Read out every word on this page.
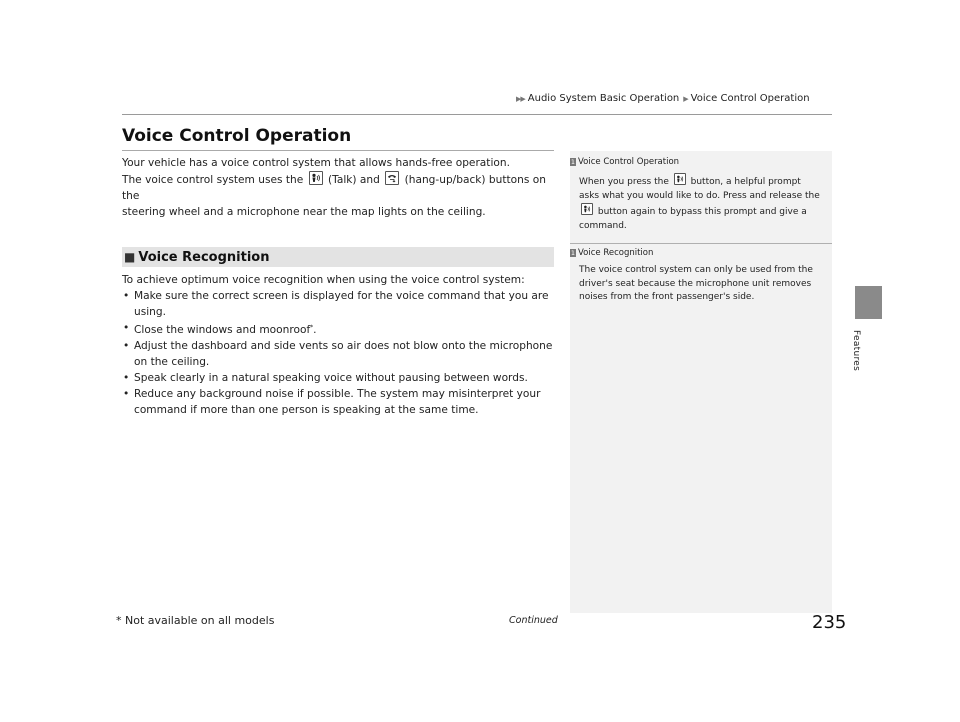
▶▶ Audio System Basic Operation ▶ Voice Control Operation
Features
Voice Control Operation

Your vehicle has a voice control system that allows hands-free operation.
The voice control system uses the (Talk) and (hang-up/back) buttons on the
steering wheel and a microphone near the map lights on the ceiling.

■ Voice Recognition

To achieve optimum voice recognition when using the voice control system:

• Make sure the correct screen is displayed for the voice command that you are using.
• Close the windows and moonroof*.
• Adjust the dashboard and side vents so air does not blow onto the microphone on the ceiling.
• Speak clearly in a natural speaking voice without pausing between words.
• Reduce any background noise if possible. The system may misinterpret your command if more than one person is speaking at the same time.
1 Voice Control Operation

When you press the button, a helpful prompt asks what you would like to do. Press and release the
button again to bypass this prompt and give a command.

1 Voice Recognition

The voice control system can only be used from the driver's seat because the microphone unit removes noises from the front passenger's side.

* Not available on all models	Continued	235
